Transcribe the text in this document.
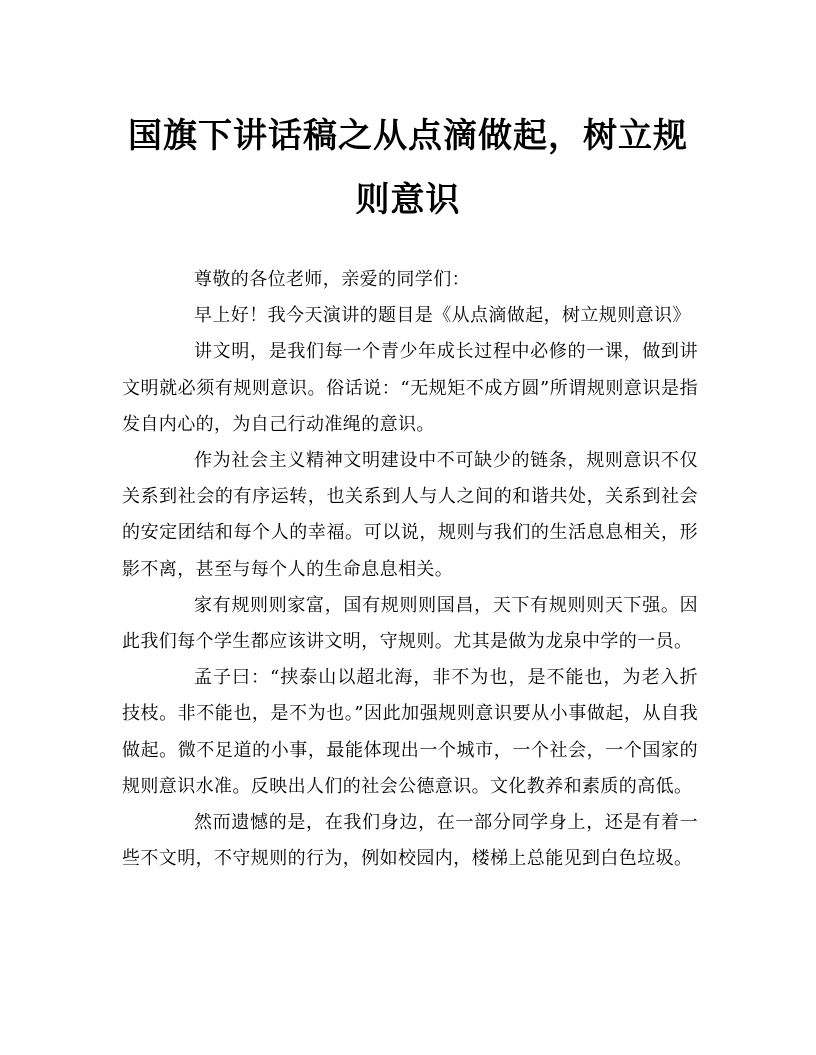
国旗下讲话稿之从点滴做起，树立规则意识

尊敬的各位老师，亲爱的同学们：

早上好！我今天演讲的题目是《从点滴做起，树立规则意识》

讲文明，是我们每一个青少年成长过程中必修的一课，做到讲文明就必须有规则意识。俗话说：“无规矩不成方圆”所谓规则意识是指发自内心的，为自己行动准绳的意识。

作为社会主义精神文明建设中不可缺少的链条，规则意识不仅关系到社会的有序运转，也关系到人与人之间的和谐共处，关系到社会的安定团结和每个人的幸福。可以说，规则与我们的生活息息相关，形影不离，甚至与每个人的生命息息相关。

家有规则则家富，国有规则则国昌，天下有规则则天下强。因此我们每个学生都应该讲文明，守规则。尤其是做为龙泉中学的一员。

孟子曰：“挟泰山以超北海，非不为也，是不能也，为老入折技枝。非不能也，是不为也。”因此加强规则意识要从小事做起，从自我做起。微不足道的小事，最能体现出一个城市，一个社会，一个国家的规则意识水准。反映出人们的社会公德意识。文化教养和素质的高低。

然而遗憾的是，在我们身边，在一部分同学身上，还是有着一些不文明，不守规则的行为，例如校园内，楼梯上总能见到白色垃圾。
